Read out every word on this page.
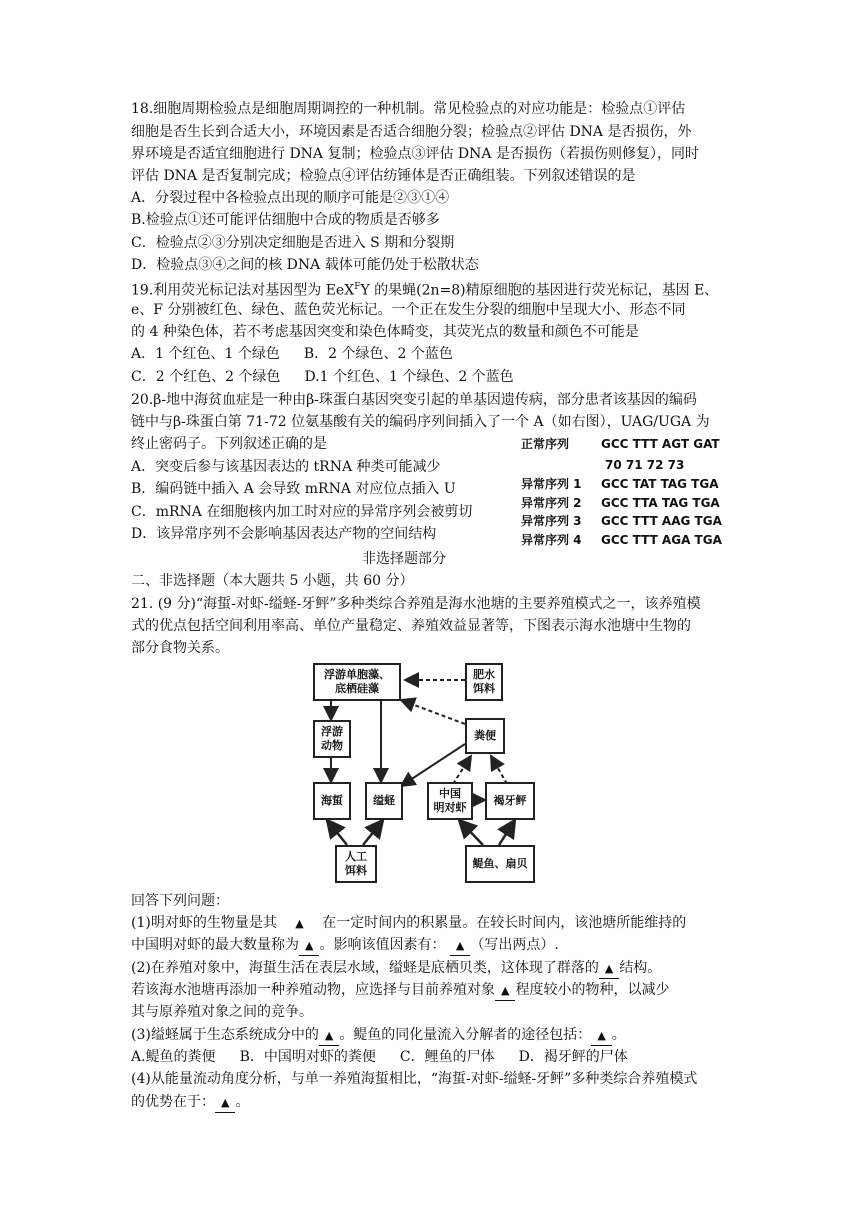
18.细胞周期检验点是细胞周期调控的一种机制。常见检验点的对应功能是：检验点①评估
细胞是否生长到合适大小，环境因素是否适合细胞分裂；检验点②评估 DNA 是否损伤，外
界环境是否适宜细胞进行 DNA 复制；检验点③评估 DNA 是否损伤（若损伤则修复），同时
评估 DNA 是否复制完成；检验点④评估纺锤体是否正确组装。下列叙述错误的是
A．分裂过程中各检验点出现的顺序可能是②③①④
B.检验点①还可能评估细胞中合成的物质是否够多
C．检验点②③分别决定细胞是否进入 S 期和分裂期
D．检验点③④之间的核 DNA 载体可能仍处于松散状态
19.利用荧光标记法对基因型为 EeX$^F$Y 的果蝇(2n=8)精原细胞的基因进行荧光标记，基因 E、
e、F 分别被红色、绿色、蓝色荧光标记。一个正在发生分裂的细胞中呈现大小、形态不同
的 4 种染色体，若不考虑基因突变和染色体畸变，其荧光点的数量和颜色不可能是
A．1 个红色、1 个绿色 B．2 个绿色、2 个蓝色
C．2 个红色、2 个绿色 D.1 个红色、1 个绿色、2 个蓝色
20.β-地中海贫血症是一种由β-珠蛋白基因突变引起的单基因遗传病，部分患者该基因的编码
链中与β-珠蛋白第 71-72 位氨基酸有关的编码序列间插入了一个 A（如右图），UAG/UGA 为
终止密码子。下列叙述正确的是
A．突变后参与该基因表达的 tRNA 种类可能减少
B．编码链中插入 A 会导致 mRNA 对应位点插入 U
C．mRNA 在细胞核内加工时对应的异常序列会被剪切
D．该异常序列不会影响基因表达产物的空间结构
正常序列	GCC TTT AGT GAT
70 71 72 73
异常序列 1 GCC TAT TAG TGA
异常序列 2 GCC TTA TAG TGA
异常序列 3 GCC TTT AAG TGA
异常序列 4 GCC TTT AGA TGA
非选择题部分
二、非选择题（本大题共 5 小题，共 60 分）
21. (9 分)“海蜇-对虾-缢蛏-牙鲆”多种类综合养殖是海水池塘的主要养殖模式之一，该养殖模
式的优点包括空间利用率高、单位产量稳定、养殖效益显著等，下图表示海水池塘中生物的
部分食物关系。
浮游单胞藻、
底栖硅藻
肥水
饵料
浮游
动物
粪便
海蜇	缢蛏
中国
明对虾
褐牙鲆
人工
饵料
鳀鱼、扇贝
回答下列问题：
(1)明对虾的生物量是其 ▲ 在一定时间内的积累量。在较长时间内，该池塘所能维持的
中国明对虾的最大数量称为 ▲ 。影响该值因素有： ▲ （写出两点）.
(2)在养殖对象中，海蜇生活在表层水域，缢蛏是底栖贝类，这体现了群落的 ▲ 结构。
若该海水池塘再添加一种养殖动物，应选择与目前养殖对象 ▲ 程度较小的物种，以减少
其与原养殖对象之间的竞争。
(3)缢蛏属于生态系统成分中的 ▲ 。鳀鱼的同化量流入分解者的途径包括： ▲ 。
A.鳀鱼的粪便 B．中国明对虾的粪便 C．鲤鱼的尸体 D．褐牙鲆的尸体
(4)从能量流动角度分析，与单一养殖海蜇相比，“海蜇-对虾-缢蛏-牙鲆”多种类综合养殖模式
的优势在于： ▲ 。
